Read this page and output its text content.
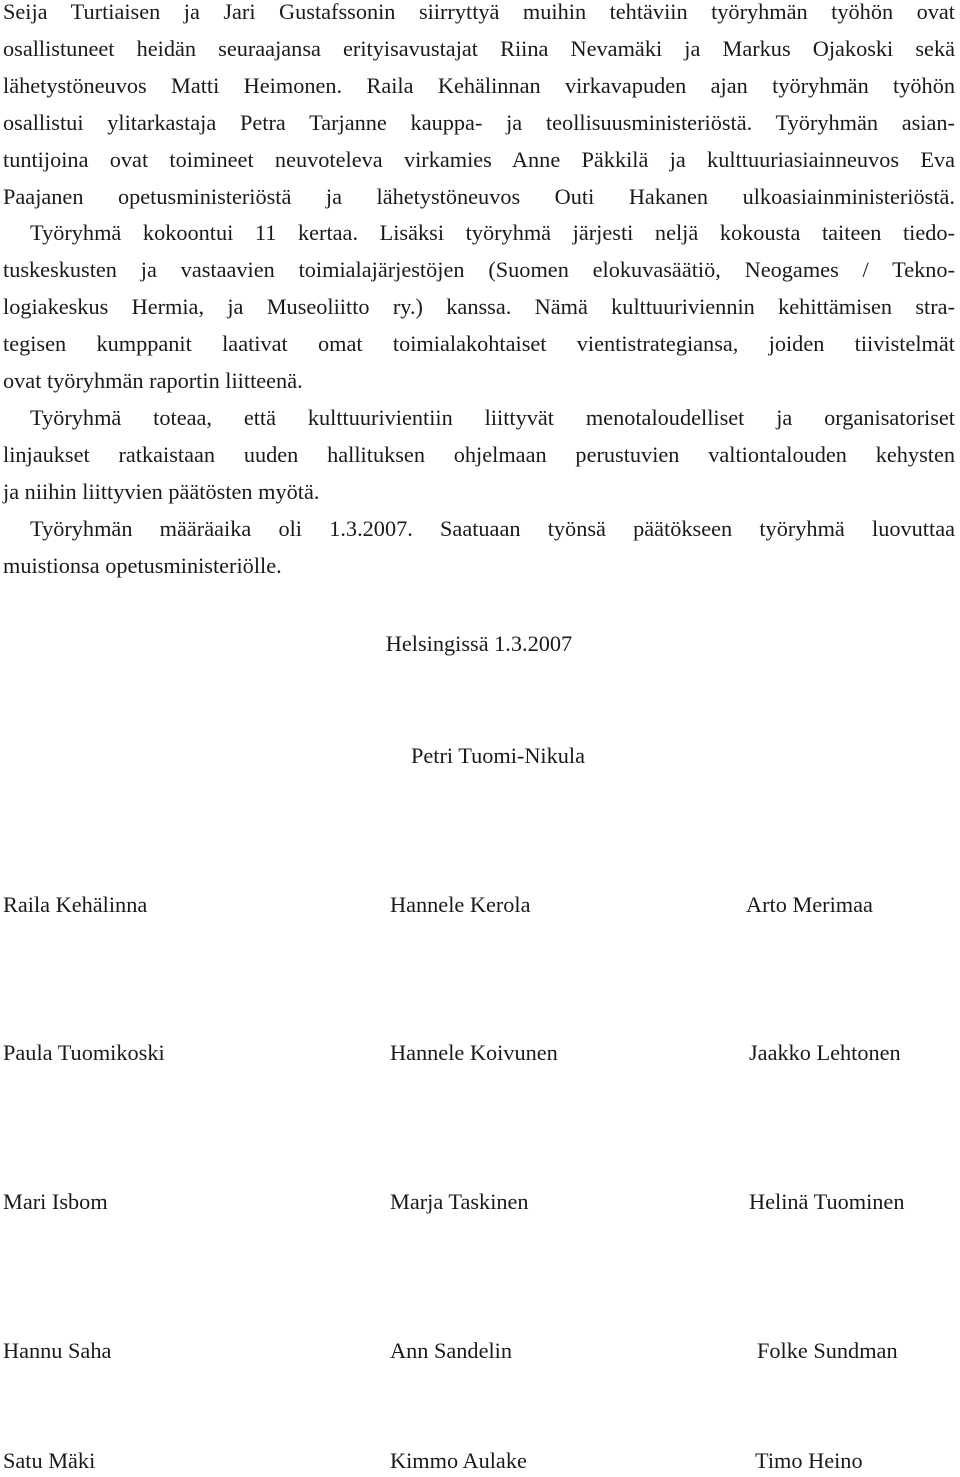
Seija Turtiaisen ja Jari Gustafssonin siirryttyä muihin tehtäviin työryhmän työhön ovat
osallistuneet heidän seuraajansa erityisavustajat Riina Nevamäki ja Markus Ojakoski sekä
lähetystöneuvos Matti Heimonen. Raila Kehälinnan virkavapuden ajan työryhmän työhön
osallistui ylitarkastaja Petra Tarjanne kauppa- ja teollisuusministeriöstä. Työryhmän asian-
tuntijoina ovat toimineet neuvoteleva virkamies Anne Päkkilä ja kulttuuriasiainneuvos Eva
Paajanen opetusministeriöstä ja lähetystöneuvos Outi Hakanen ulkoasiainministeriöstä.
Työryhmä kokoontui 11 kertaa. Lisäksi työryhmä järjesti neljä kokousta taiteen tiedo-
tuskeskusten ja vastaavien toimialajärjestöjen (Suomen elokuvasäätiö, Neogames / Tekno-
logiakeskus Hermia, ja Museoliitto ry.) kanssa. Nämä kulttuuriviennin kehittämisen stra-
tegisen kumppanit laativat omat toimialakohtaiset vientistrategiansa, joiden tiivistelmät
ovat työryhmän raportin liitteenä.
Työryhmä toteaa, että kulttuurivientiin liittyvät menotaloudelliset ja organisatoriset
linjaukset ratkaistaan uuden hallituksen ohjelmaan perustuvien valtiontalouden kehysten
ja niihin liittyvien päätösten myötä.
Työryhmän määräaika oli 1.3.2007. Saatuaan työnsä päätökseen työryhmä luovuttaa
muistionsa opetusministeriölle.
Helsingissä 1.3.2007
Petri Tuomi-Nikula
Raila Kehälinna	Hannele Kerola	Arto Merimaa
Paula Tuomikoski	Hannele Koivunen	Jaakko Lehtonen
Mari Isbom	Marja Taskinen	Helinä Tuominen
Hannu Saha	Ann Sandelin	Folke Sundman
Satu Mäki	Kimmo Aulake	Timo Heino
